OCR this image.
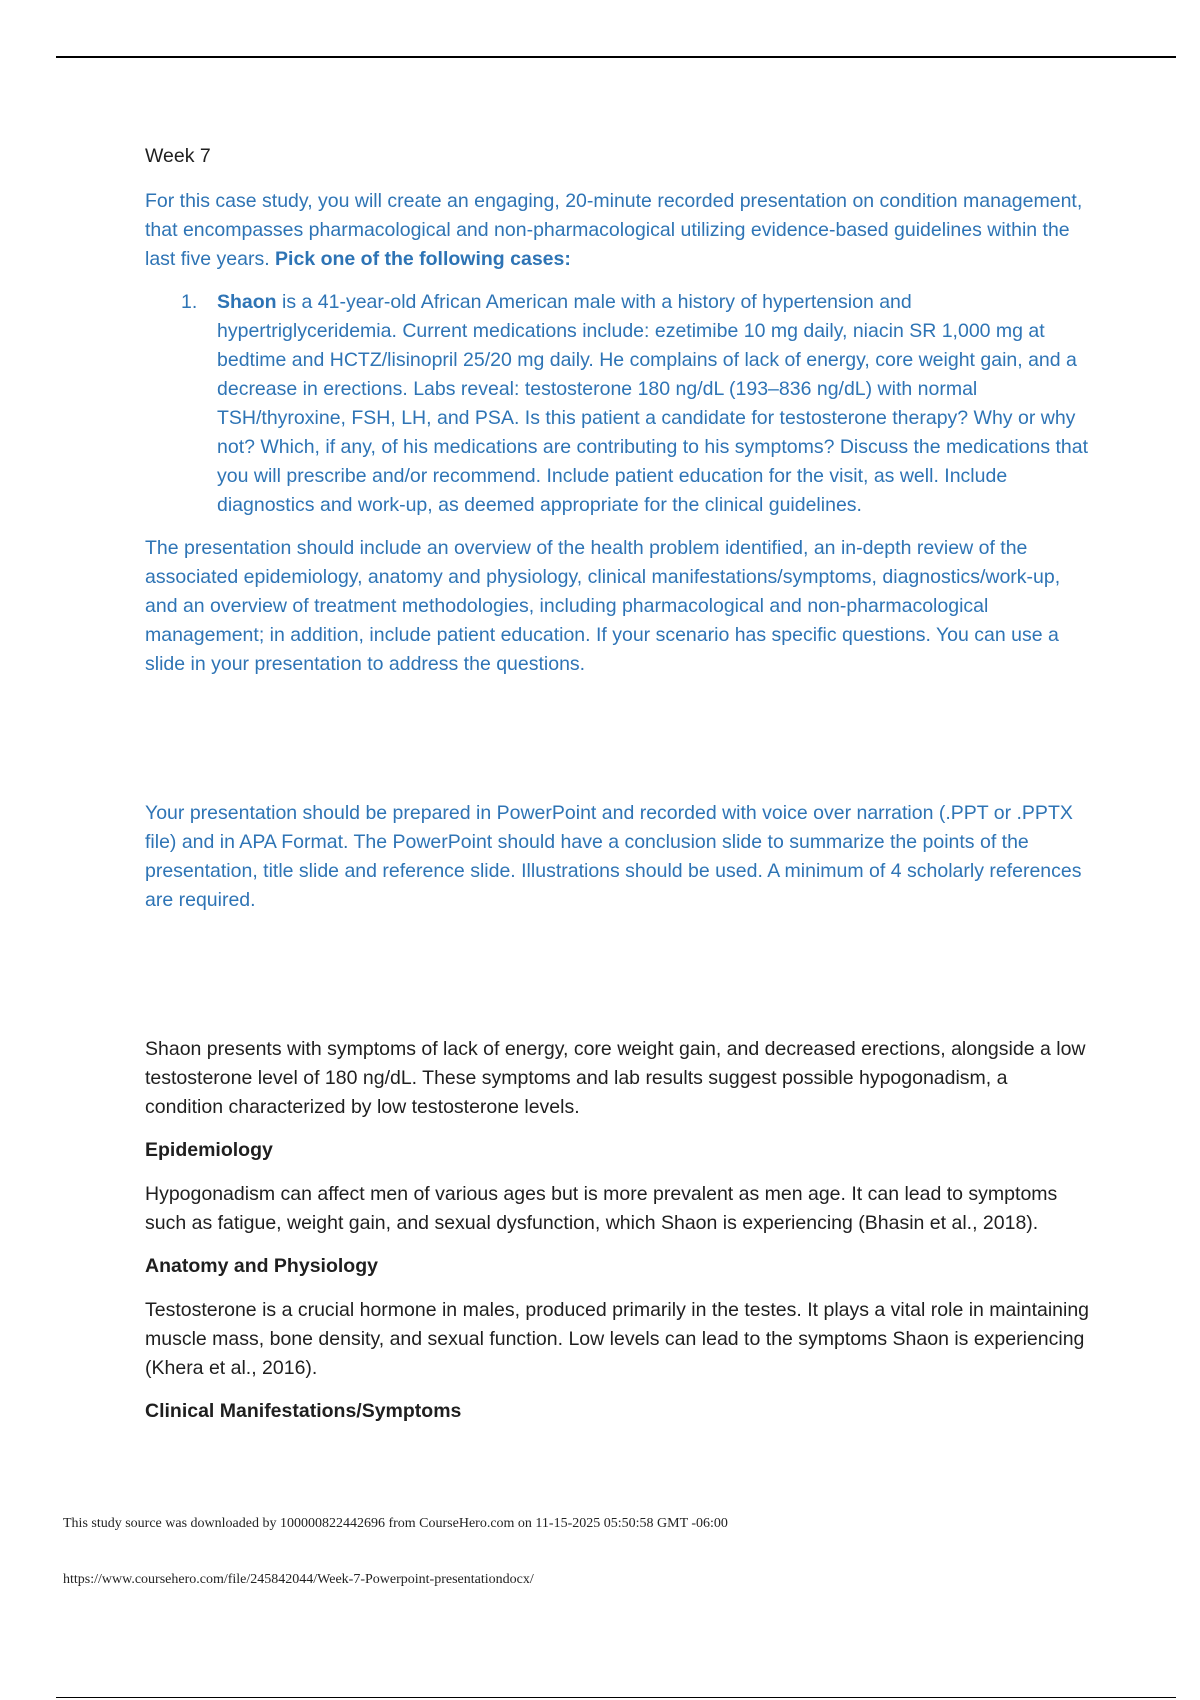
Week 7

For this case study, you will create an engaging, 20-minute recorded presentation on condition management, that encompasses pharmacological and non-pharmacological utilizing evidence-based guidelines within the last five years. Pick one of the following cases:

1.	Shaon is a 41-year-old African American male with a history of hypertension and hypertriglyceridemia. Current medications include: ezetimibe 10 mg daily, niacin SR 1,000 mg at bedtime and HCTZ/lisinopril 25/20 mg daily. He complains of lack of energy, core weight gain, and a decrease in erections. Labs reveal: testosterone 180 ng/dL (193–836 ng/dL) with normal TSH/thyroxine, FSH, LH, and PSA. Is this patient a candidate for testosterone therapy? Why or why not? Which, if any, of his medications are contributing to his symptoms? Discuss the medications that you will prescribe and/or recommend. Include patient education for the visit, as well. Include diagnostics and work-up, as deemed appropriate for the clinical guidelines.

The presentation should include an overview of the health problem identified, an in-depth review of the associated epidemiology, anatomy and physiology, clinical manifestations/symptoms, diagnostics/work-up, and an overview of treatment methodologies, including pharmacological and non-pharmacological management; in addition, include patient education. If your scenario has specific questions. You can use a slide in your presentation to address the questions.

Your presentation should be prepared in PowerPoint and recorded with voice over narration (.PPT or .PPTX file) and in APA Format. The PowerPoint should have a conclusion slide to summarize the points of the presentation, title slide and reference slide. Illustrations should be used. A minimum of 4 scholarly references are required.

Shaon presents with symptoms of lack of energy, core weight gain, and decreased erections, alongside a low testosterone level of 180 ng/dL. These symptoms and lab results suggest possible hypogonadism, a condition characterized by low testosterone levels.

Epidemiology

Hypogonadism can affect men of various ages but is more prevalent as men age. It can lead to symptoms such as fatigue, weight gain, and sexual dysfunction, which Shaon is experiencing (Bhasin et al., 2018).

Anatomy and Physiology

Testosterone is a crucial hormone in males, produced primarily in the testes. It plays a vital role in maintaining muscle mass, bone density, and sexual function. Low levels can lead to the symptoms Shaon is experiencing (Khera et al., 2016).

Clinical Manifestations/Symptoms

This study source was downloaded by 100000822442696 from CourseHero.com on 11-15-2025 05:50:58 GMT -06:00
https://www.coursehero.com/file/245842044/Week-7-Powerpoint-presentationdocx/
